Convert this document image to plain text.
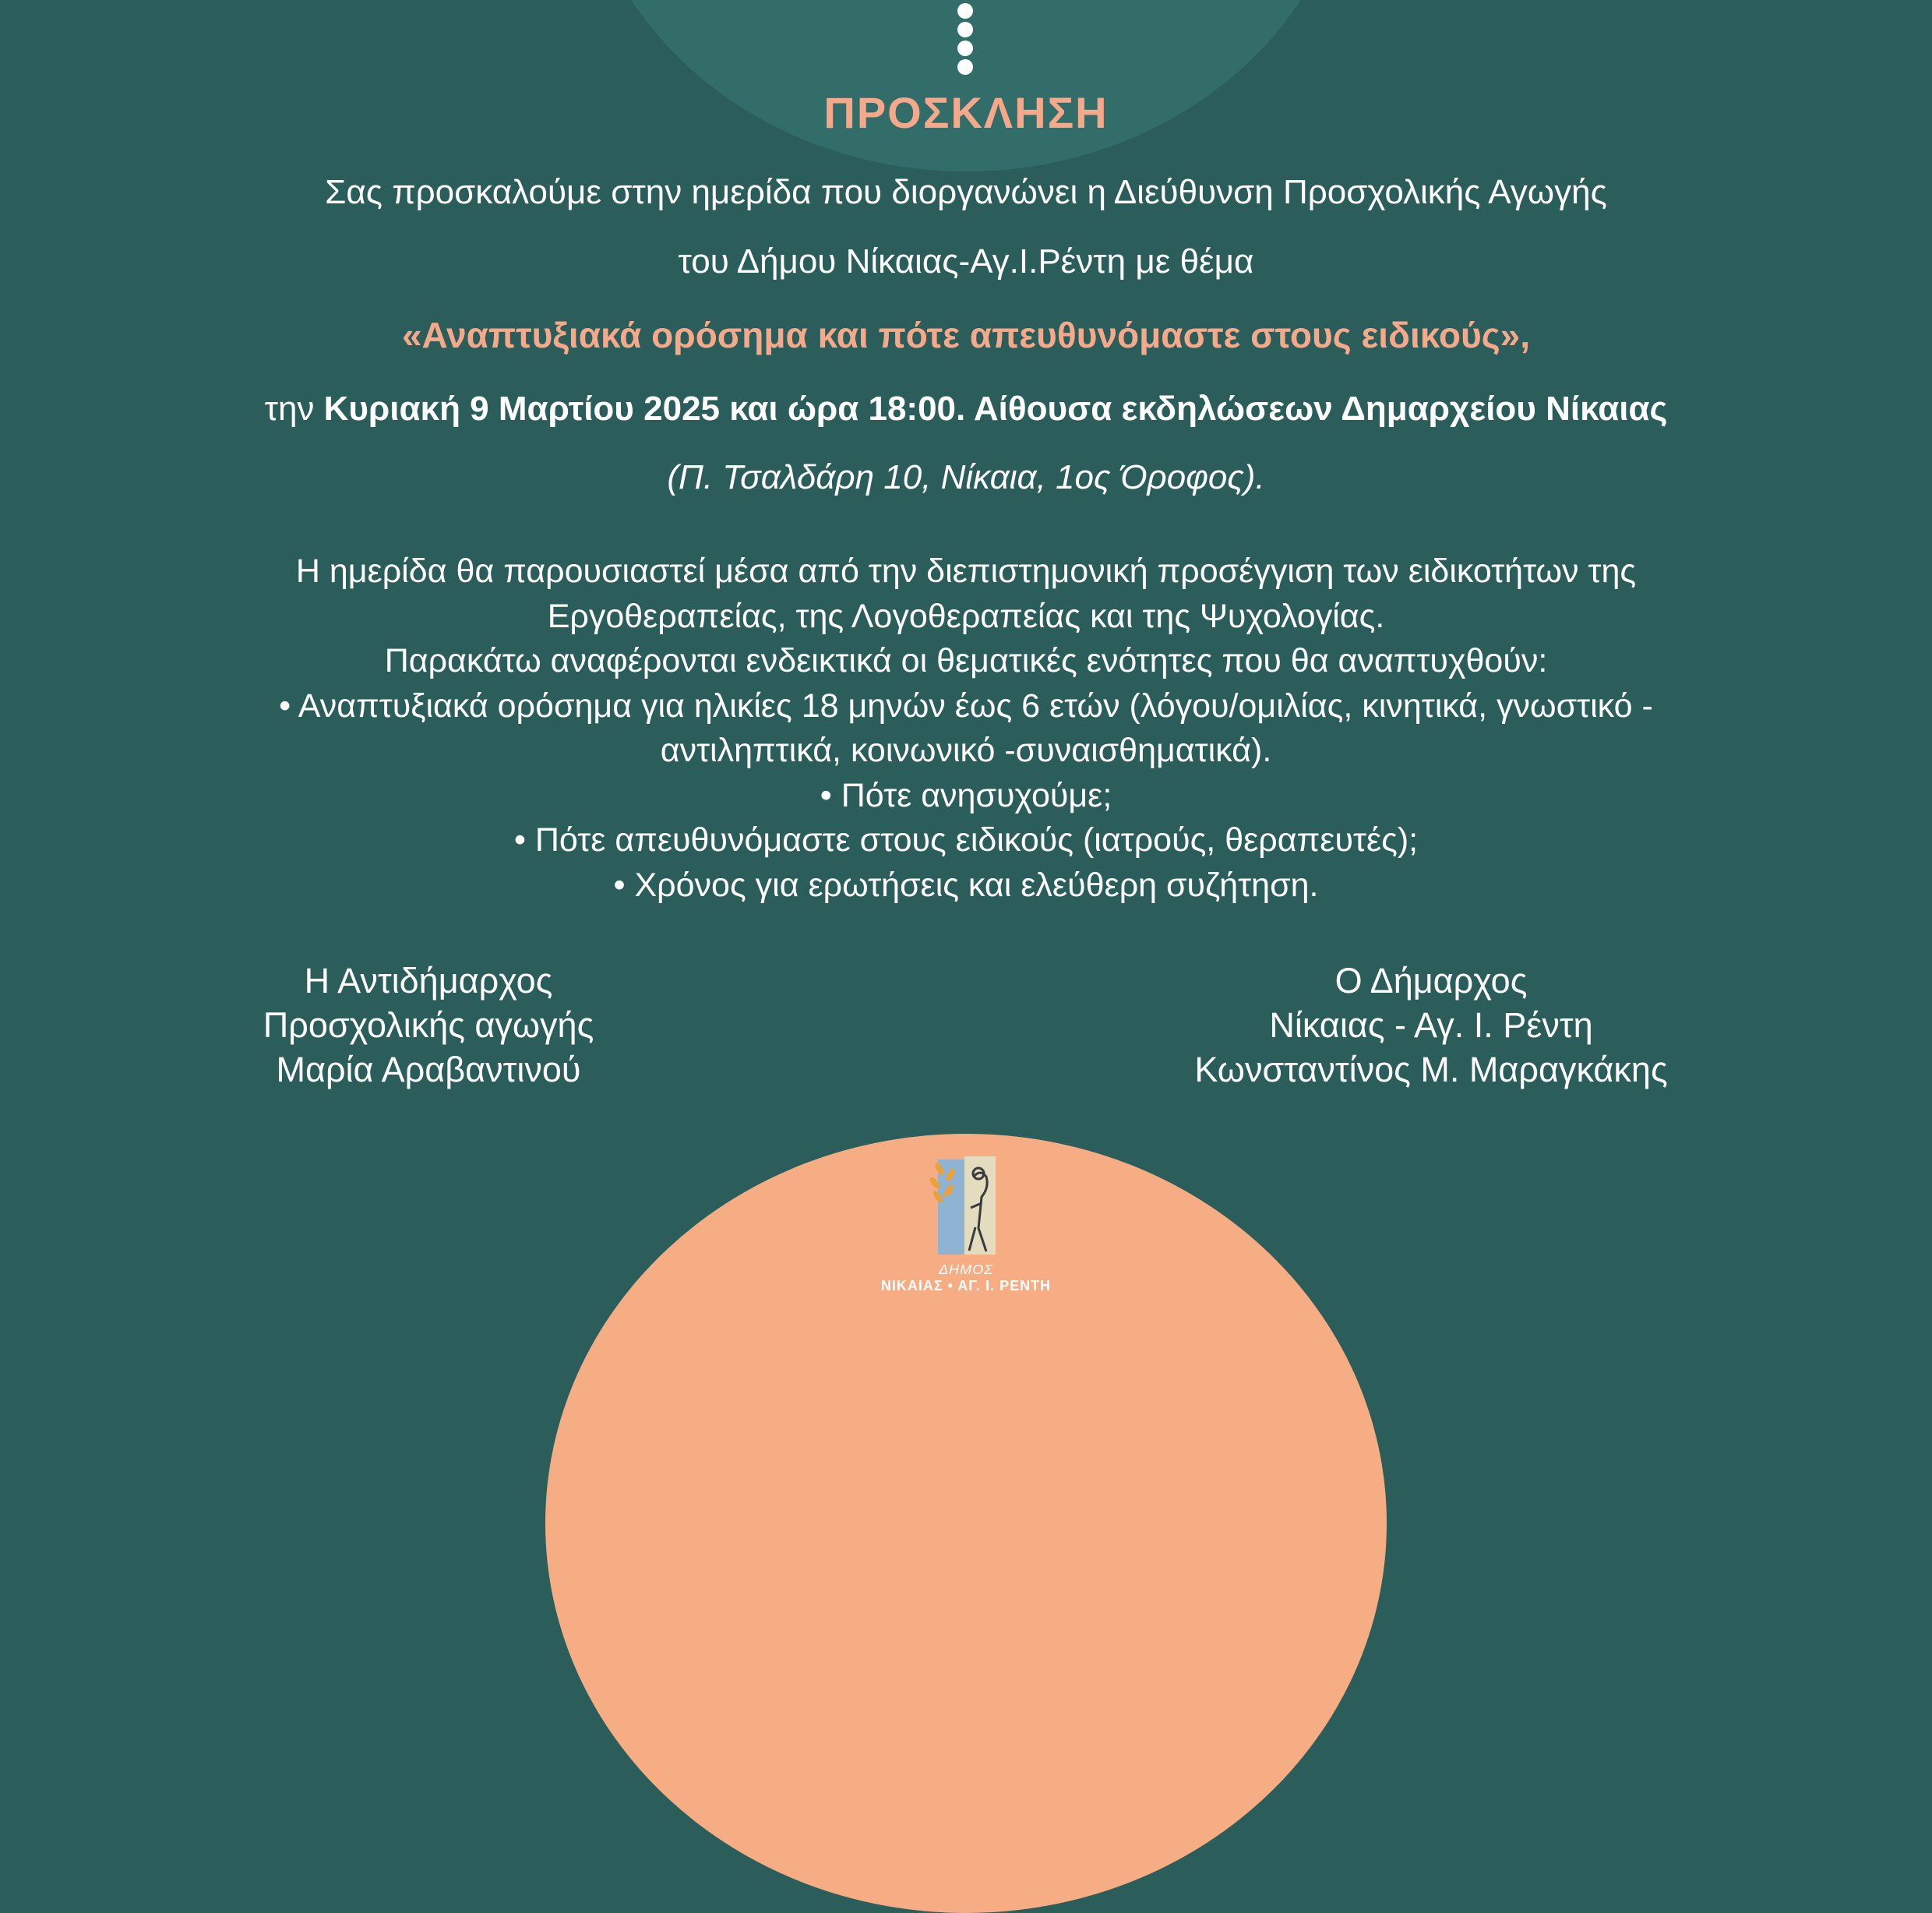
ΠΡΟΣΚΛΗΣΗ
Σας προσκαλούμε στην ημερίδα που διοργανώνει η Διεύθυνση Προσχολικής Αγωγής
του Δήμου Νίκαιας-Αγ.Ι.Ρέντη με θέμα
«Αναπτυξιακά ορόσημα και πότε απευθυνόμαστε στους ειδικούς»,
την Κυριακή 9 Μαρτίου 2025 και ώρα 18:00. Αίθουσα εκδηλώσεων Δημαρχείου Νίκαιας
(Π. Τσαλδάρη 10, Νίκαια, 1ος Όροφος).
Η ημερίδα θα παρουσιαστεί μέσα από την διεπιστημονική προσέγγιση των ειδικοτήτων της
Εργοθεραπείας, της Λογοθεραπείας και της Ψυχολογίας.
Παρακάτω αναφέρονται ενδεικτικά οι θεματικές ενότητες που θα αναπτυχθούν:
• Αναπτυξιακά ορόσημα για ηλικίες 18 μηνών έως 6 ετών (λόγου/ομιλίας, κινητικά, γνωστικό -
αντιληπτικά, κοινωνικό -συναισθηματικά).
• Πότε ανησυχούμε;
• Πότε απευθυνόμαστε στους ειδικούς (ιατρούς, θεραπευτές);
• Χρόνος για ερωτήσεις και ελεύθερη συζήτηση.
Η Αντιδήμαρχος
Προσχολικής αγωγής
Μαρία Αραβαντινού
Ο Δήμαρχος
Νίκαιας - Αγ. Ι. Ρέντη
Κωνσταντίνος Μ. Μαραγκάκης
ΔΗΜΟΣ
ΝΙΚΑΙΑΣ • ΑΓ. Ι. ΡΕΝΤΗ
